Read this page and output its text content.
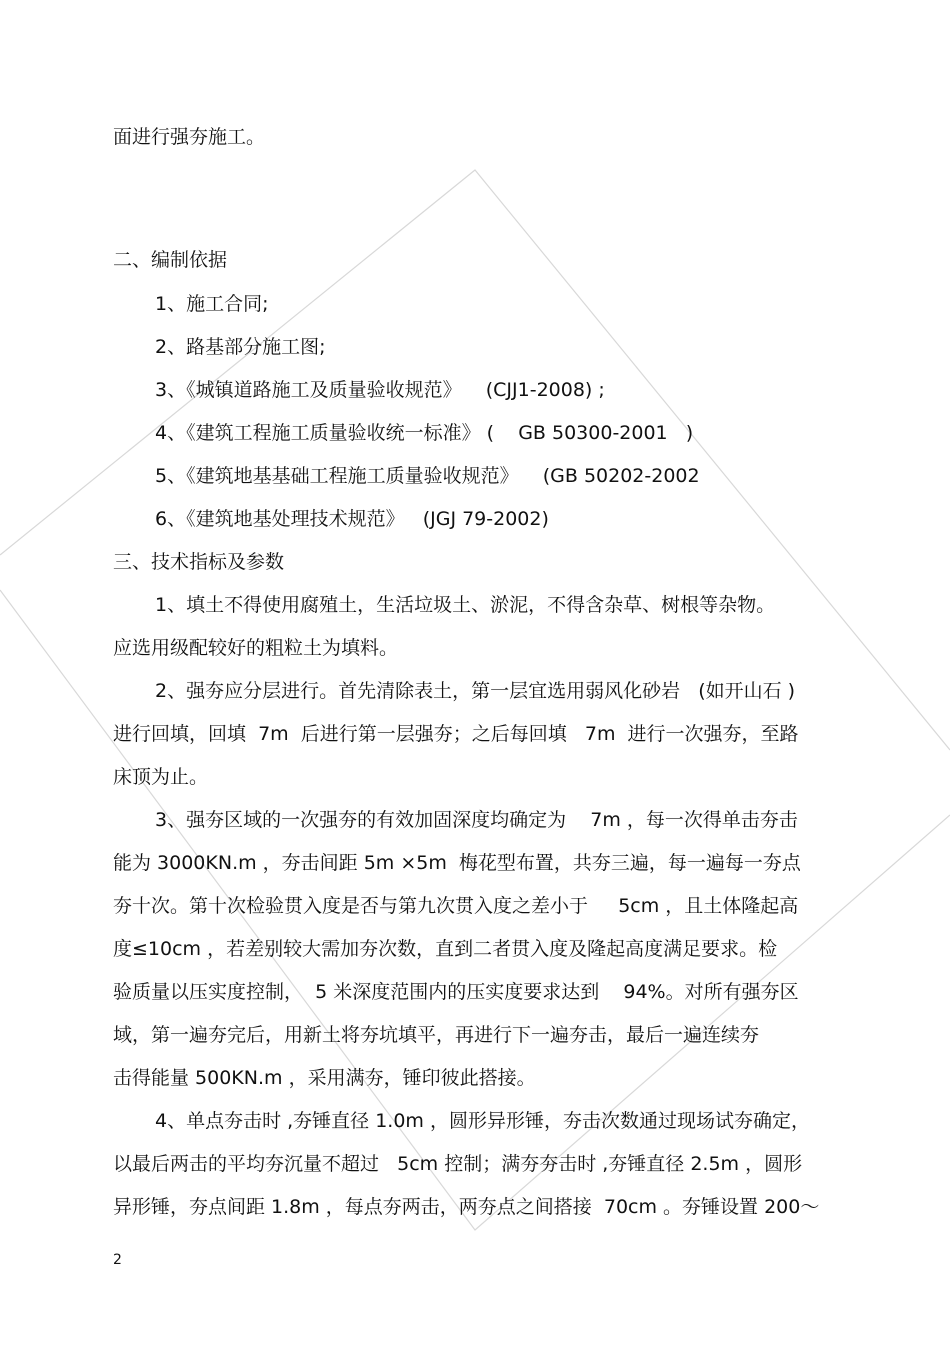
面进行强夯施工。

二、编制依据

1、施工合同;

2、路基部分施工图;

3、《城镇道路施工及质量验收规范》    (CJJ1-2008) ;

4、《建筑工程施工质量验收统一标准》 (    GB 50300-2001   )

5、《建筑地基基础工程施工质量验收规范》    (GB 50202-2002

6、《建筑地基处理技术规范》   (JGJ 79-2002)

三、技术指标及参数

1、填土不得使用腐殖土，生活垃圾土、淤泥，不得含杂草、树根等杂物。

应选用级配较好的粗粒土为填料。

2、强夯应分层进行。首先清除表土，第一层宜选用弱风化砂岩   (如开山石 )

进行回填，回填  7m  后进行第一层强夯；之后每回填   7m  进行一次强夯，至路

床顶为止。

3、强夯区域的一次强夯的有效加固深度均确定为    7m ，每一次得单击夯击

能为 3000KN.m ，夯击间距 5m ×5m  梅花型布置，共夯三遍，每一遍每一夯点

夯十次。第十次检验贯入度是否与第九次贯入度之差小于     5cm ，且土体隆起高

度≤10cm ，若差别较大需加夯次数，直到二者贯入度及隆起高度满足要求。检

验质量以压实度控制，  5 米深度范围内的压实度要求达到    94%。对所有强夯区

域，第一遍夯完后，用新土将夯坑填平，再进行下一遍夯击，最后一遍连续夯

击得能量 500KN.m ，采用满夯，锤印彼此搭接。

4、单点夯击时 ,夯锤直径 1.0m ，圆形异形锤，夯击次数通过现场试夯确定，

以最后两击的平均夯沉量不超过   5cm 控制；满夯夯击时 ,夯锤直径 2.5m ，圆形

异形锤，夯点间距 1.8m ，每点夯两击，两夯点之间搭接  70cm 。夯锤设置 200～

2
